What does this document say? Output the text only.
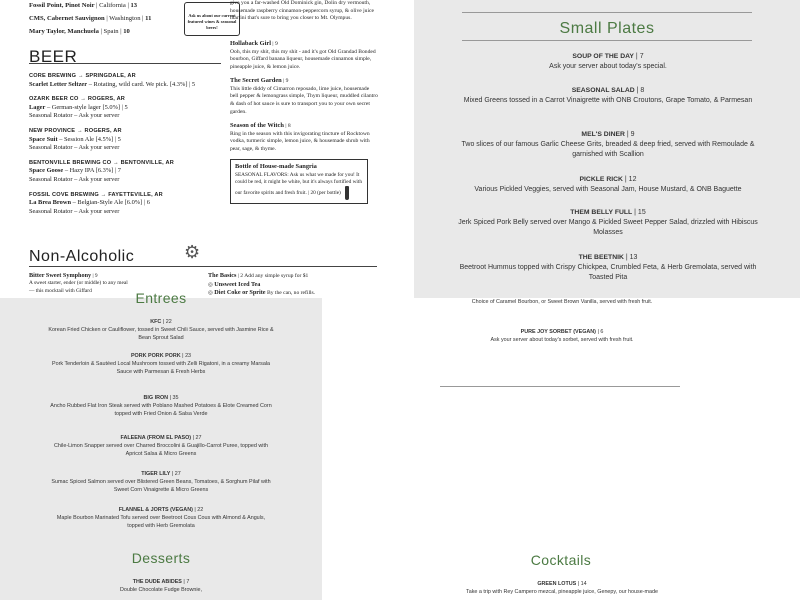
Fossil Point, Pinot Noir | California | 13
CMS, Cabernet Sauvignon | Washington | 11
Mary Taylor, Manchuela | Spain | 10
Ask us about our current featured wines & seasonal beers!
BEER
CORE BREWING → SPRINGDALE, AR
Scarlet Letter Seltzer – Rotating, wild card. We pick. [4.3%] | 5
OZARK BEER CO → ROGERS, AR
Lager – German-style lager [5.0%] | 5
Seasonal Rotator – Ask your server
NEW PROVINCE → ROGERS, AR
Space Suit – Session Ale [4.5%] | 5
Seasonal Rotator – Ask your server
BENTONVILLE BREWING CO → BENTONVILLE, AR
Space Goose – Hazy IPA [6.3%] | 7
Seasonal Rotator – Ask your server
FOSSIL COVE BREWING → FAYETTEVILLE, AR
La Brea Brown – Belgian-Style Ale [6.0%] | 6
Seasonal Rotator – Ask your server
give you a far-washed Old Dominick gin, Dolin dry vermouth, housemade raspberry cinnamon-peppercorn syrup, & olive juice martini that's sure to bring you closer to Mt. Olympus.
Hollaback Girl | 9
Ooh, this my shit, this my shit - and it's got Old Grandad Bonded bourbon, Giffard banana liqueur, housemade cinnamon simple, pineapple juice, & lemon juice.
The Secret Garden | 9
This little diddy of Cimarron reposado, lime juice, housemade bell pepper & lemongrass simple, Thym liqueur, muddled cilantro & dash of hot sauce is sure to transport you to your own secret garden.
Season of the Witch | 8
Ring in the season with this invigorating tincture of Rocktown vodka, turmeric simple, lemon juice, & housemade shrub with pear, sage, & thyme.
Bottle of House-made Sangria
SEASONAL FLAVORS: Ask us what we made for you! It could be red, it might be white, but it's always fortified with our favorite spirits and fresh fruit. | 20 (per bottle)
Non-Alcoholic	⚙
Bitter Sweet Symphony | 9
A sweet starter, ender (or middle) to any meal — this mocktail with Giffard
The Basics | 2 Add any simple syrup for $1
◎ Unsweet Iced Tea
◎ Diet Coke or Sprite By the can, no refills.
Small Plates
SOUP OF THE DAY | 7
Ask your server about today's special.
SEASONAL SALAD | 8
Mixed Greens tossed in a Carrot Vinaigrette with ONB Croutons, Grape Tomato, & Parmesan
MEL'S DINER | 9
Two slices of our famous Garlic Cheese Grits, breaded & deep fried, served with Remoulade & garnished with Scallion
PICKLE RICK | 12
Various Pickled Veggies, served with Seasonal Jam, House Mustard, & ONB Baguette
THEM BELLY FULL | 15
Jerk Spiced Pork Belly served over Mango & Pickled Sweet Pepper Salad, drizzled with Hibiscus Molasses
THE BEETNIK | 13
Beetroot Hummus topped with Crispy Chickpea, Crumbled Feta, & Herb Gremolata, served with Toasted Pita
Entrees
KFC | 22
Korean Fried Chicken or Cauliflower, tossed in Sweet Chili Sauce, served with Jasmine Rice & Bean Sprout Salad
PORK PORK PORK | 23
Pork Tenderloin & Sautéed Local Mushroom tossed with Zelli Rigatoni, in a creamy Marsala Sauce with Parmesan & Fresh Herbs
BIG IRON | 35
Ancho Rubbed Flat Iron Steak served with Poblano Mashed Potatoes & Elote Creamed Corn topped with Fried Onion & Salsa Verde
FALEENA (FROM EL PASO) | 27
Chile-Limon Snapper served over Charred Broccolini & Guajillo-Carrot Puree, topped with Apricot Salsa & Micro Greens
TIGER LILY | 27
Sumac Spiced Salmon served over Blistered Green Beans, Tomatoes, & Sorghum Pilaf with Sweet Corn Vinaigrette & Micro Greens
FLANNEL & JORTS (VEGAN) | 22
Maple Bourbon Marinated Tofu served over Beetroot Cous Cous with Almond & Anguls, topped with Herb Gremolata
Desserts
THE DUDE ABIDES | 7
Double Chocolate Fudge Brownie,
Choice of Caramel Bourbon, or Sweet Brown Vanilla, served with fresh fruit.
PURE JOY SORBET (VEGAN) | 6
Ask your server about today's sorbet, served with fresh fruit.
Cocktails
GREEN LOTUS | 14
Take a trip with Rey Campero mezcal, pineapple juice, Genepy, our house-made
